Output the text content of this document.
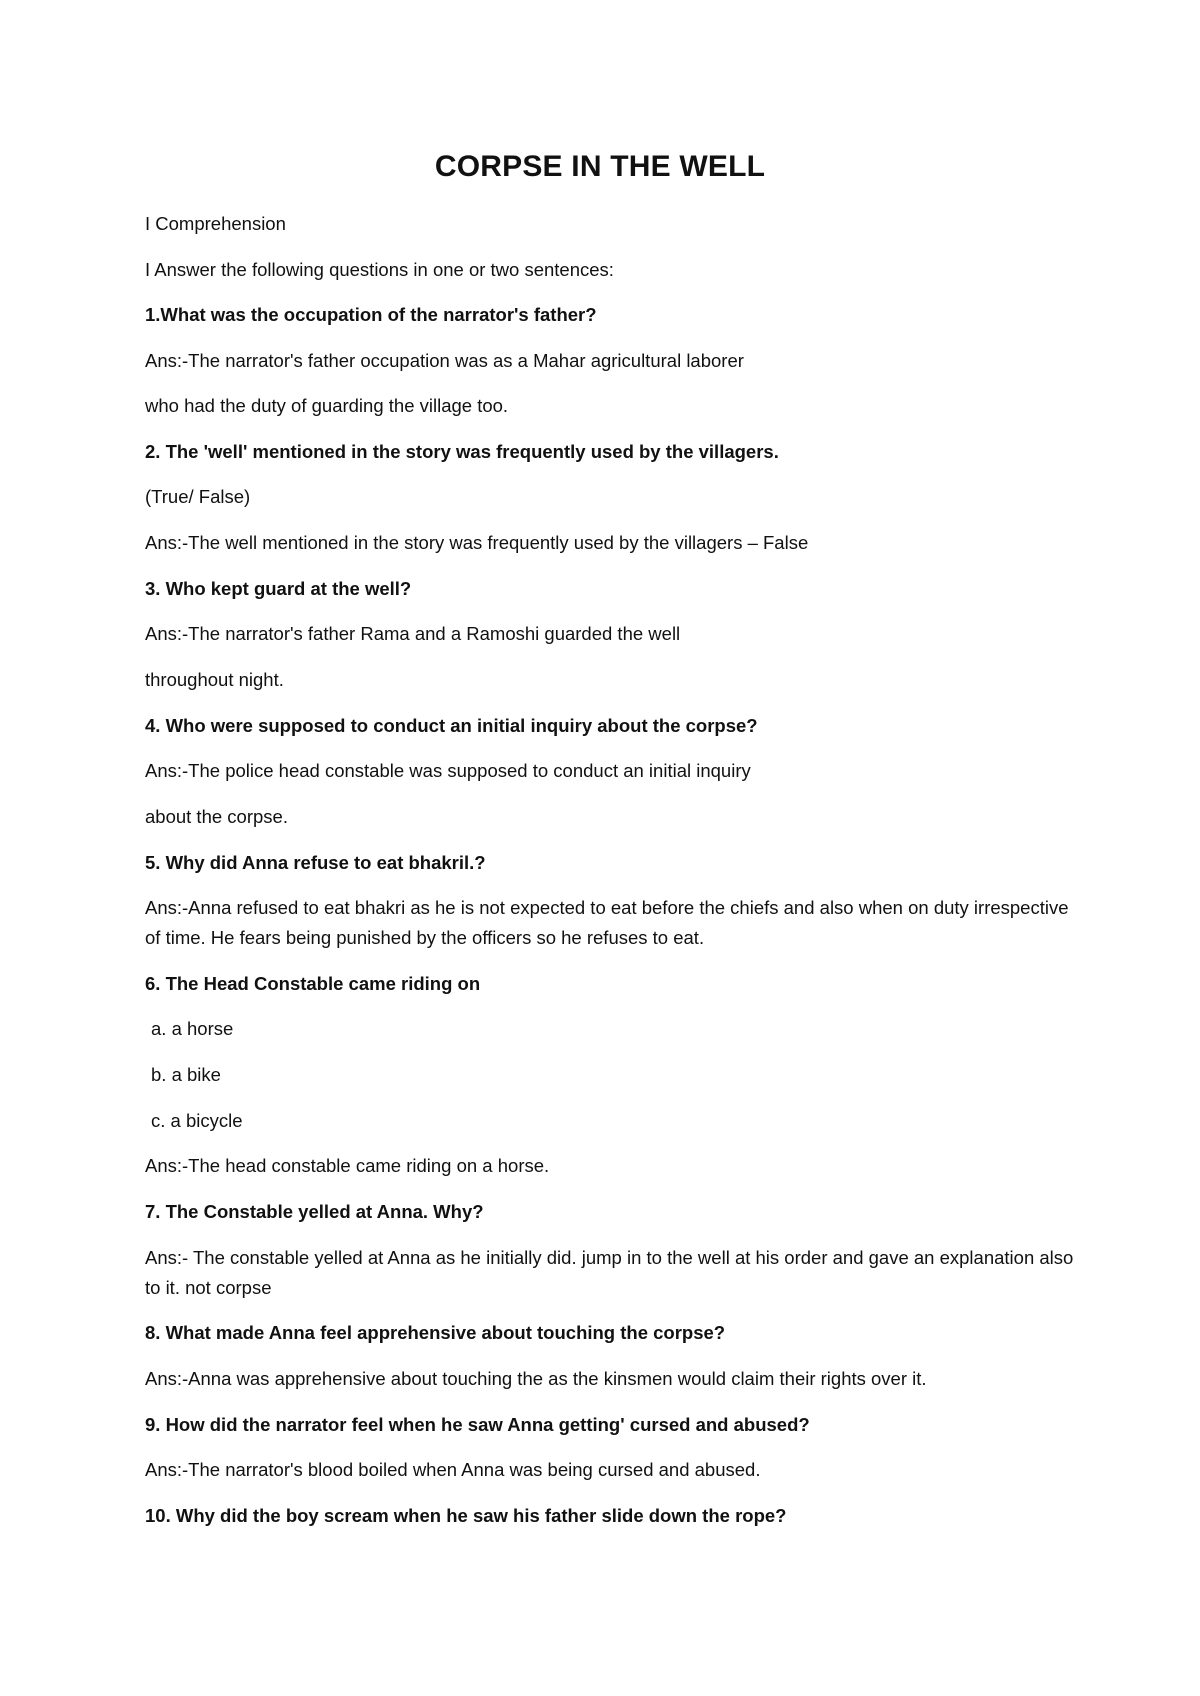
CORPSE IN THE WELL
I Comprehension
I Answer the following questions in one or two sentences:
1.What was the occupation of the narrator's father?
Ans:-The narrator's father occupation was as a Mahar agricultural laborer
who had the duty of guarding the village too.
2. The 'well' mentioned in the story was frequently used by the villagers.
(True/ False)
Ans:-The well mentioned in the story was frequently used by the villagers – False
3. Who kept guard at the well?
Ans:-The narrator's father Rama and a Ramoshi guarded the well
throughout night.
4. Who were supposed to conduct an initial inquiry about the corpse?
Ans:-The police head constable was supposed to conduct an initial inquiry
about the corpse.
5. Why did Anna refuse to eat bhakril.?
Ans:-Anna refused to eat bhakri as he is not expected to eat before the chiefs and also when on duty irrespective of time. He fears being punished by the officers so he refuses to eat.
6. The Head Constable came riding on
a. a horse
b. a bike
c. a bicycle
Ans:-The head constable came riding on a horse.
7. The Constable yelled at Anna. Why?
Ans:- The constable yelled at Anna as he initially did. jump in to the well at his order and gave an explanation also to it. not corpse
8. What made Anna feel apprehensive about touching the corpse?
Ans:-Anna was apprehensive about touching the as the kinsmen would claim their rights over it.
9. How did the narrator feel when he saw Anna getting' cursed and abused?
Ans:-The narrator's blood boiled when Anna was being cursed and abused.
10. Why did the boy scream when he saw his father slide down the rope?
